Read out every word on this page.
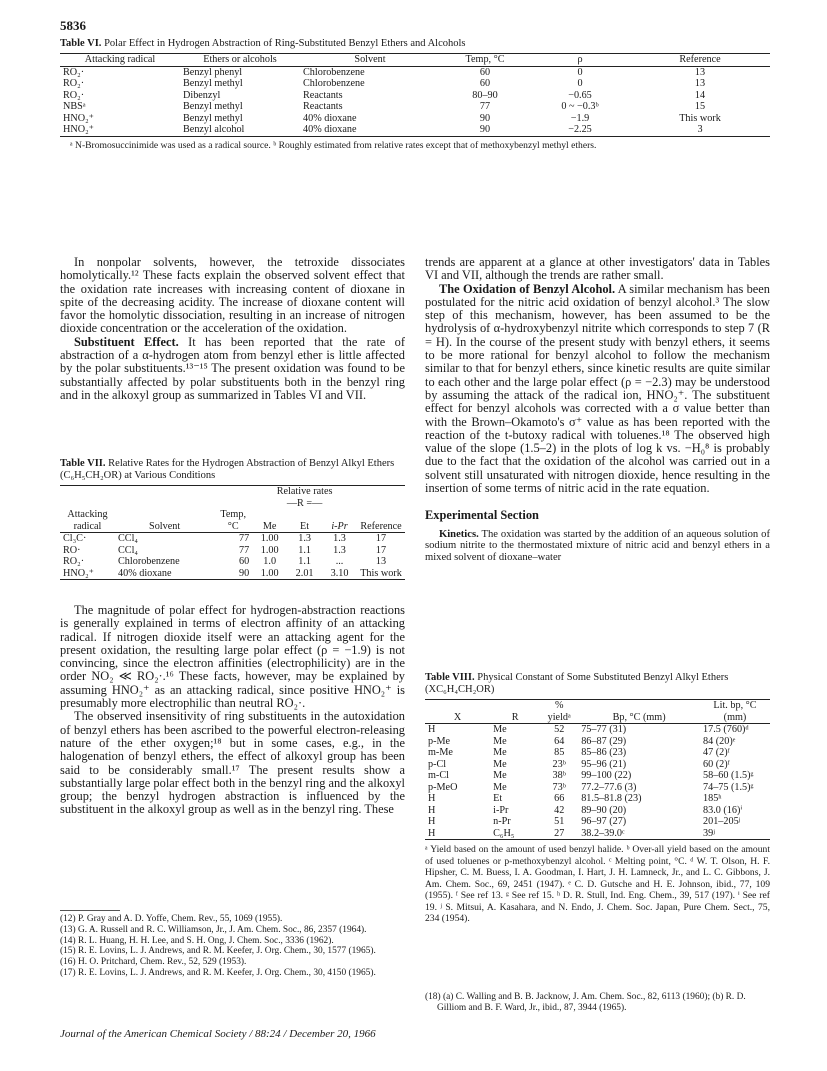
5836
Table VI. Polar Effect in Hydrogen Abstraction of Ring-Substituted Benzyl Ethers and Alcohols
Attacking radical	Ethers or alcohols	Solvent	Temp, °C	ρ	Reference
RO₂·	Benzyl phenyl	Chlorobenzene	60	0	13
RO₂·	Benzyl methyl	Chlorobenzene	60	0	13
RO₂·	Dibenzyl	Reactants	80–90	−0.65	14
NBSᵃ	Benzyl methyl	Reactants	77	0 ~ −0.3ᵇ	15
HNO₂⁺	Benzyl methyl	40% dioxane	90	−1.9	This work
HNO₂⁺	Benzyl alcohol	40% dioxane	90	−2.25	3
ᵃ N-Bromosuccinimide was used as a radical source. ᵇ Roughly estimated from relative rates except that of methoxybenzyl methyl ethers.

In nonpolar solvents, however, the tetroxide dissociates homolytically.¹² These facts explain the observed solvent effect that the oxidation rate increases with increasing content of dioxane in spite of the decreasing acidity. The increase of dioxane content will favor the homolytic dissociation, resulting in an increase of nitrogen dioxide concentration or the acceleration of the oxidation.

Substituent Effect. It has been reported that the rate of abstraction of a α-hydrogen atom from benzyl ether is little affected by the polar substituents.¹³⁻¹⁵ The present oxidation was found to be substantially affected by polar substituents both in the benzyl ring and in the alkoxyl group as summarized in Tables VI and VII.

Table VII. Relative Rates for the Hydrogen Abstraction of Benzyl Alkyl Ethers (C₆H₅CH₂OR) at Various Conditions
			Relative rates			
			—R =—			
Attacking radical	Solvent	Temp, °C	Me	Et	i-Pr	Reference
Cl₃C·	CCl₄	77	1.00	1.3	1.3	17
RO·	CCl₄	77	1.00	1.1	1.3	17
RO₂·	Chlorobenzene	60	1.0	1.1	...	13
HNO₂⁺	40% dioxane	90	1.00	2.01	3.10	This work

The magnitude of polar effect for hydrogen-abstraction reactions is generally explained in terms of electron affinity of an attacking radical. If nitrogen dioxide itself were an attacking agent for the present oxidation, the resulting large polar effect (ρ = −1.9) is not convincing, since the electron affinities (electrophilicity) are in the order NO₂ ≪ RO₂·.¹⁶ These facts, however, may be explained by assuming HNO₂⁺ as an attacking radical, since positive HNO₂⁺ is presumably more electrophilic than neutral RO₂·.

The observed insensitivity of ring substituents in the autoxidation of benzyl ethers has been ascribed to the powerful electron-releasing nature of the ether oxygen;¹⁸ but in some cases, e.g., in the halogenation of benzyl ethers, the effect of alkoxyl group has been said to be considerably small.¹⁷ The present results show a substantially large polar effect both in the benzyl ring and the alkoxyl group; the benzyl hydrogen abstraction is influenced by the substituent in the alkoxyl group as well as in the benzyl ring. These

(12) P. Gray and A. D. Yoffe, Chem. Rev., 55, 1069 (1955).
(13) G. A. Russell and R. C. Williamson, Jr., J. Am. Chem. Soc., 86, 2357 (1964).
(14) R. L. Huang, H. H. Lee, and S. H. Ong, J. Chem. Soc., 3336 (1962).
(15) R. E. Lovins, L. J. Andrews, and R. M. Keefer, J. Org. Chem., 30, 1577 (1965).
(16) H. O. Pritchard, Chem. Rev., 52, 529 (1953).
(17) R. E. Lovins, L. J. Andrews, and R. M. Keefer, J. Org. Chem., 30, 4150 (1965).

trends are apparent at a glance at other investigators' data in Tables VI and VII, although the trends are rather small.

The Oxidation of Benzyl Alcohol. A similar mechanism has been postulated for the nitric acid oxidation of benzyl alcohol.³ The slow step of this mechanism, however, has been assumed to be the hydrolysis of α-hydroxybenzyl nitrite which corresponds to step 7 (R = H). In the course of the present study with benzyl ethers, it seems to be more rational for benzyl alcohol to follow the mechanism similar to that for benzyl ethers, since kinetic results are quite similar to each other and the large polar effect (ρ = −2.3) may be understood by assuming the attack of the radical ion, HNO₂⁺. The substituent effect for benzyl alcohols was corrected with a σ value better than with the Brown–Okamoto's σ⁺ value as has been reported with the reaction of the t-butoxy radical with toluenes.¹⁸ The observed high value of the slope (1.5–2) in the plots of log k vs. −H₀⁸ is probably due to the fact that the oxidation of the alcohol was carried out in a solvent still unsaturated with nitrogen dioxide, hence resulting in the insertion of some terms of nitric acid in the rate equation.

Experimental Section

Kinetics. The oxidation was started by the addition of an aqueous solution of sodium nitrite to the thermostated mixture of nitric acid and benzyl ethers in a mixed solvent of dioxane–water

Table VIII. Physical Constant of Some Substituted Benzyl Alkyl Ethers (XC₆H₄CH₂OR)
X	R	% yieldᵃ	Bp, °C (mm)	Lit. bp, °C (mm)
H	Me	52	75–77 (31)	17.5 (760)ᵈ
p-Me	Me	64	86–87 (29)	84 (20)ᵉ
m-Me	Me	85	85–86 (23)	47 (2)ᶠ
p-Cl	Me	23ᵇ	95–96 (21)	60 (2)ᶠ
m-Cl	Me	38ᵇ	99–100 (22)	58–60 (1.5)ᵍ
p-MeO	Me	73ᵇ	77.2–77.6 (3)	74–75 (1.5)ᵍ
H	Et	66	81.5–81.8 (23)	185ʰ
H	i-Pr	42	89–90 (20)	83.0 (16)ⁱ
H	n-Pr	51	96–97 (27)	201–205ʲ
H	C₆H₅	27	38.2–39.0ᶜ	39ʲ
ᵃ Yield based on the amount of used benzyl halide. ᵇ Over-all yield based on the amount of used toluenes or p-methoxybenzyl alcohol. ᶜ Melting point, °C. ᵈ W. T. Olson, H. F. Hipsher, C. M. Buess, I. A. Goodman, I. Hart, J. H. Lamneck, Jr., and L. C. Gibbons, J. Am. Chem. Soc., 69, 2451 (1947). ᵉ C. D. Gutsche and H. E. Johnson, ibid., 77, 109 (1955). ᶠ See ref 13. ᵍ See ref 15. ʰ D. R. Stull, Ind. Eng. Chem., 39, 517 (197). ⁱ See ref 19. ʲ S. Mitsui, A. Kasahara, and N. Endo, J. Chem. Soc. Japan, Pure Chem. Sect., 75, 234 (1954).
(18) (a) C. Walling and B. B. Jacknow, J. Am. Chem. Soc., 82, 6113 (1960); (b) R. D. Gilliom and B. F. Ward, Jr., ibid., 87, 3944 (1965).
Journal of the American Chemical Society / 88:24 / December 20, 1966
